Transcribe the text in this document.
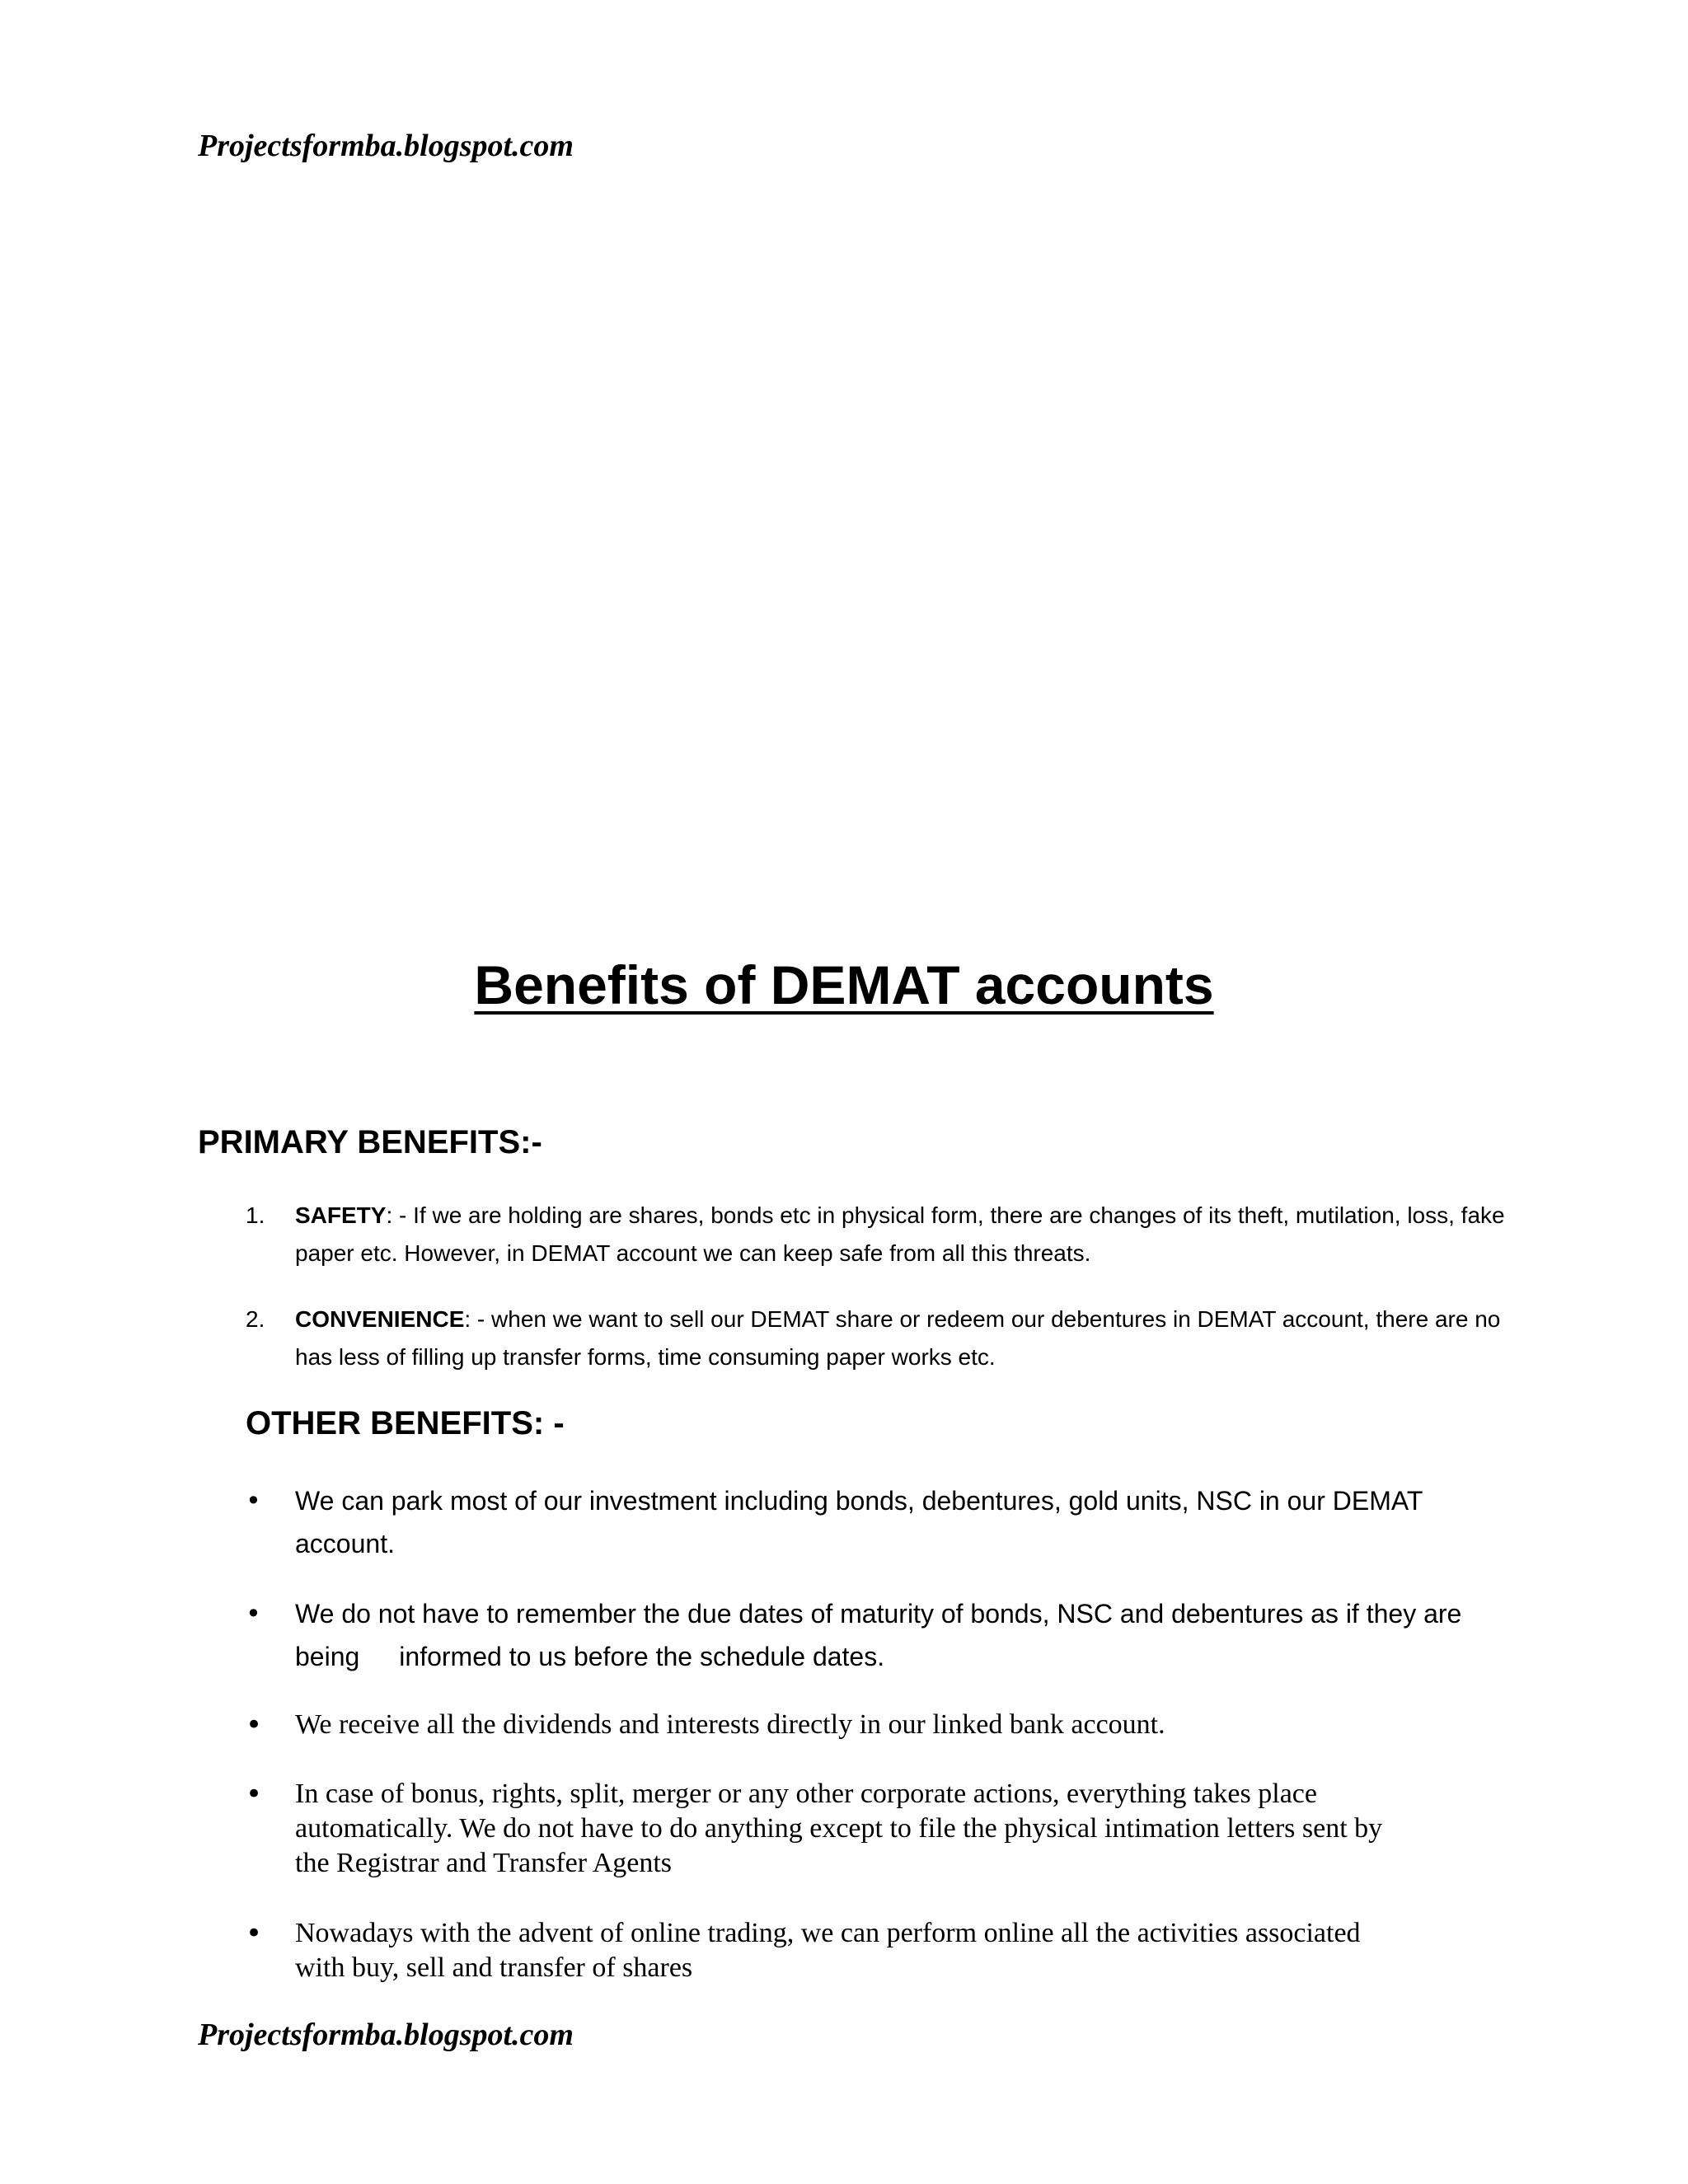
Projectsformba.blogspot.com
Benefits of DEMAT accounts
PRIMARY BENEFITS:-
1. SAFETY: - If we are holding are shares, bonds etc in physical form, there are changes of its theft, mutilation, loss, fake paper etc. However, in DEMAT account we can keep safe from all this threats.
2. CONVENIENCE: - when we want to sell our DEMAT share or redeem our debentures in DEMAT account, there are no has less of filling up transfer forms, time consuming paper works etc.
OTHER BENEFITS: -
•	We can park most of our investment including bonds, debentures, gold units, NSC in our DEMAT account.
•	We do not have to remember the due dates of maturity of bonds, NSC and debentures as if they are being informed to us before the schedule dates.
• We receive all the dividends and interests directly in our linked bank account.
• In case of bonus, rights, split, merger or any other corporate actions, everything takes place automatically. We do not have to do anything except to file the physical intimation letters sent by the Registrar and Transfer Agents
• Nowadays with the advent of online trading, we can perform online all the activities associated with buy, sell and transfer of shares
Projectsformba.blogspot.com
